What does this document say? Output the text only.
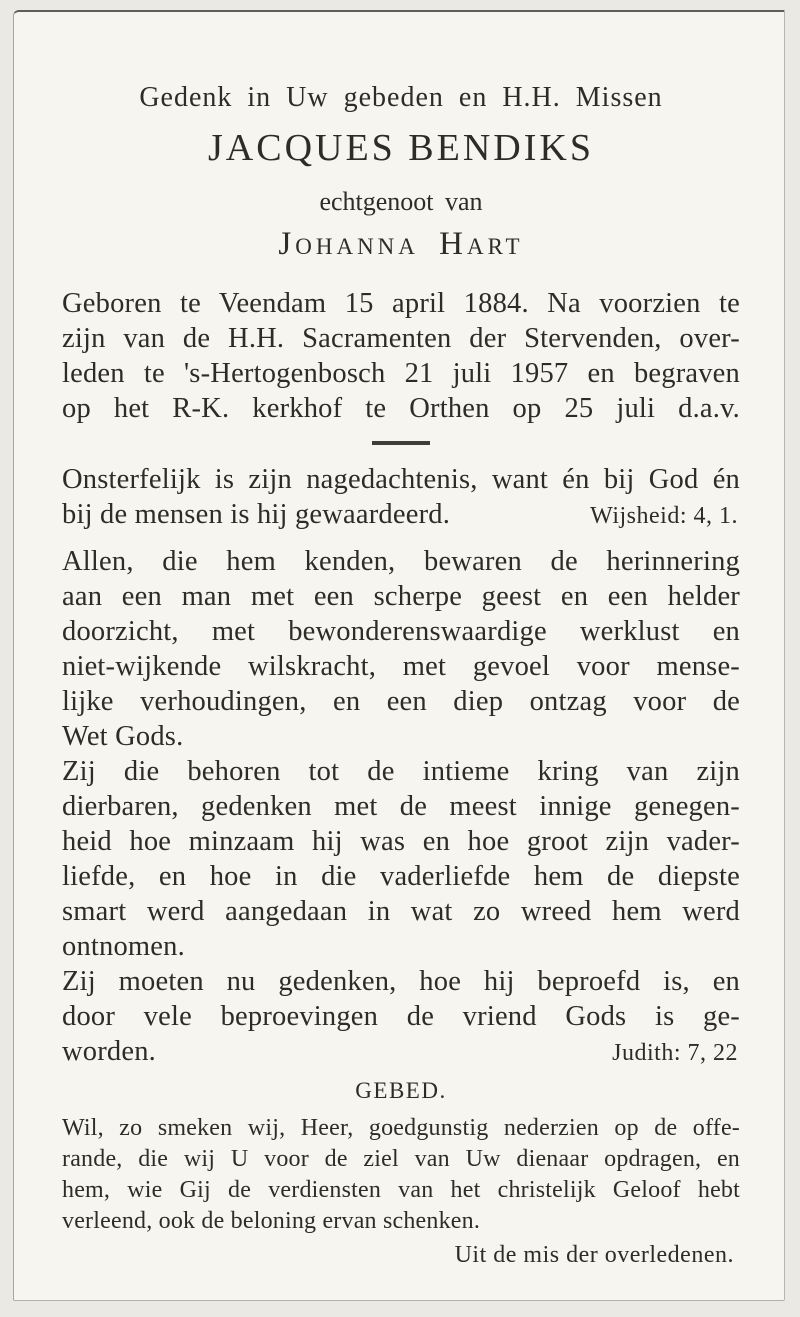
Gedenk in Uw gebeden en H.H. Missen
JACQUES BENDIKS
echtgenoot van
Johanna Hart
Geboren te Veendam 15 april 1884. Na voorzien te
zijn van de H.H. Sacramenten der Stervenden, over-
leden te 's-Hertogenbosch 21 juli 1957 en begraven
op het R-K. kerkhof te Orthen op 25 juli d.a.v.
Onsterfelijk is zijn nagedachtenis, want én bij God én
bij de mensen is hij gewaardeerd.	Wijsheid: 4, 1.
Allen, die hem kenden, bewaren de herinnering
aan een man met een scherpe geest en een helder
doorzicht, met bewonderenswaardige werklust en
niet-wijkende wilskracht, met gevoel voor mense-
lijke verhoudingen, en een diep ontzag voor de
Wet Gods.
Zij die behoren tot de intieme kring van zijn
dierbaren, gedenken met de meest innige genegen-
heid hoe minzaam hij was en hoe groot zijn vader-
liefde, en hoe in die vaderliefde hem de diepste
smart werd aangedaan in wat zo wreed hem werd
ontnomen.
Zij moeten nu gedenken, hoe hij beproefd is, en
door vele beproevingen de vriend Gods is ge-
worden.	Judith: 7, 22
GEBED.
Wil, zo smeken wij, Heer, goedgunstig nederzien op de offe-
rande, die wij U voor de ziel van Uw dienaar opdragen, en
hem, wie Gij de verdiensten van het christelijk Geloof hebt
verleend, ook de beloning ervan schenken.
Uit de mis der overledenen.
